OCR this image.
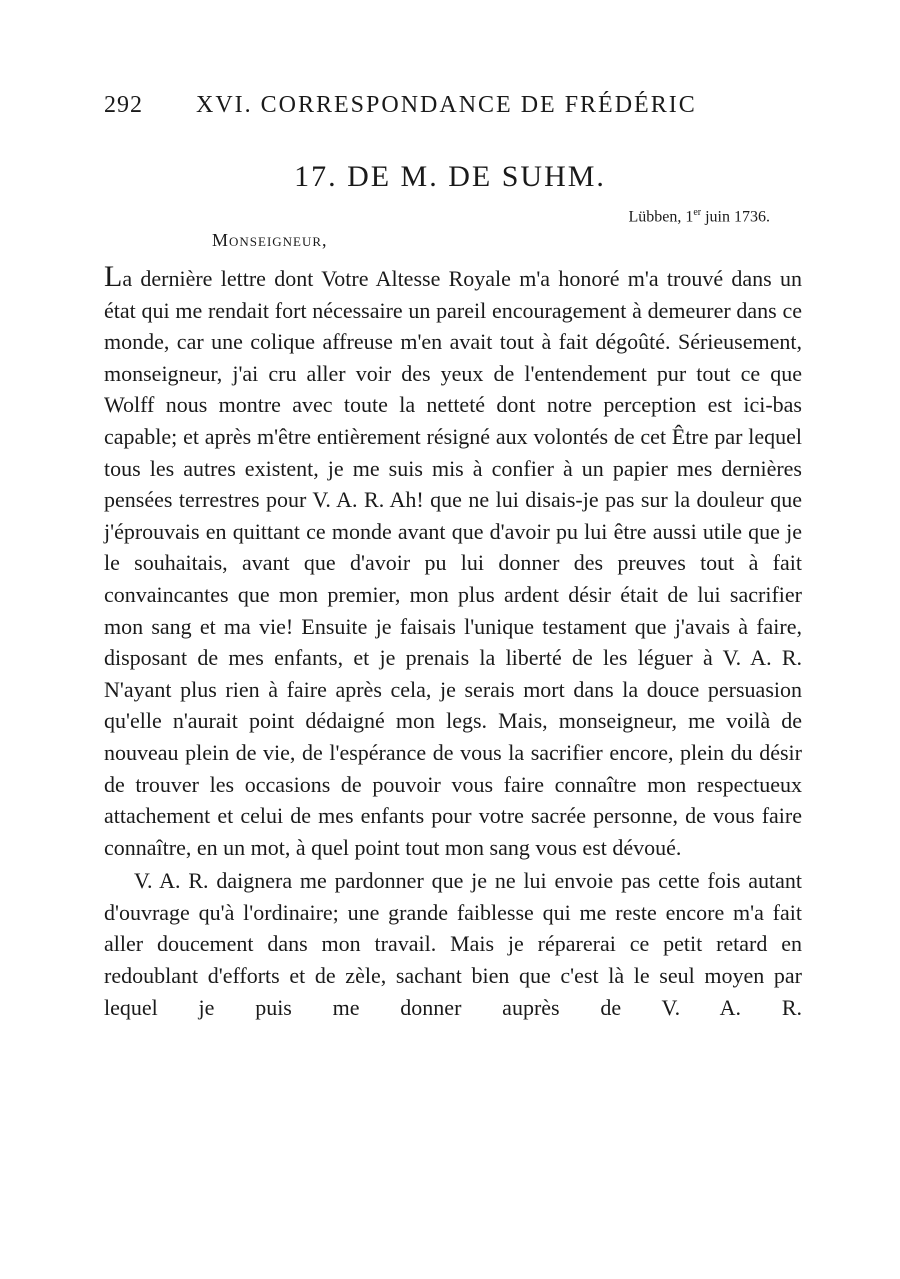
292 XVI. CORRESPONDANCE DE FRÉDÉRIC
17. DE M. DE SUHM.
Lübben, 1er juin 1736.
Monseigneur,

La dernière lettre dont Votre Altesse Royale m'a honoré m'a trouvé dans un état qui me rendait fort nécessaire un pareil encouragement à demeurer dans ce monde, car une colique affreuse m'en avait tout à fait dégoûté. Sérieusement, monseigneur, j'ai cru aller voir des yeux de l'entendement pur tout ce que Wolff nous montre avec toute la netteté dont notre perception est ici-bas capable; et après m'être entièrement résigné aux volontés de cet Être par lequel tous les autres existent, je me suis mis à confier à un papier mes dernières pensées terrestres pour V. A. R. Ah! que ne lui disais-je pas sur la douleur que j'éprouvais en quittant ce monde avant que d'avoir pu lui être aussi utile que je le souhaitais, avant que d'avoir pu lui donner des preuves tout à fait convaincantes que mon premier, mon plus ardent désir était de lui sacrifier mon sang et ma vie! Ensuite je faisais l'unique testament que j'avais à faire, disposant de mes enfants, et je prenais la liberté de les léguer à V. A. R. N'ayant plus rien à faire après cela, je serais mort dans la douce persuasion qu'elle n'aurait point dédaigné mon legs. Mais, monseigneur, me voilà de nouveau plein de vie, de l'espérance de vous la sacrifier encore, plein du désir de trouver les occasions de pouvoir vous faire connaître mon respectueux attachement et celui de mes enfants pour votre sacrée personne, de vous faire connaître, en un mot, à quel point tout mon sang vous est dévoué.

V. A. R. daignera me pardonner que je ne lui envoie pas cette fois autant d'ouvrage qu'à l'ordinaire; une grande faiblesse qui me reste encore m'a fait aller doucement dans mon travail. Mais je réparerai ce petit retard en redoublant d'efforts et de zèle, sachant bien que c'est là le seul moyen par lequel je puis me donner auprès de V. A. R.
